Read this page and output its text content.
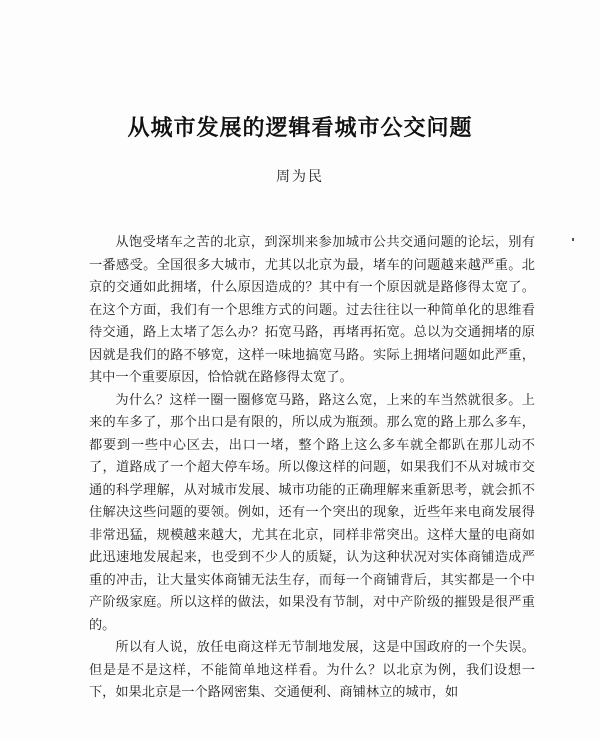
从城市发展的逻辑看城市公交问题
周为民

从饱受堵车之苦的北京，到深圳来参加城市公共交通问题的论坛，别有一番感受。全国很多大城市，尤其以北京为最，堵车的问题越来越严重。北京的交通如此拥堵，什么原因造成的？其中有一个原因就是路修得太宽了。在这个方面，我们有一个思维方式的问题。过去往往以一种简单化的思维看待交通，路上太堵了怎么办？拓宽马路，再堵再拓宽。总以为交通拥堵的原因就是我们的路不够宽，这样一味地搞宽马路。实际上拥堵问题如此严重，其中一个重要原因，恰恰就在路修得太宽了。

为什么？这样一圈一圈修宽马路，路这么宽，上来的车当然就很多。上来的车多了，那个出口是有限的，所以成为瓶颈。那么宽的路上那么多车，都要到一些中心区去，出口一堵，整个路上这么多车就全都趴在那儿动不了，道路成了一个超大停车场。所以像这样的问题，如果我们不从对城市交通的科学理解，从对城市发展、城市功能的正确理解来重新思考，就会抓不住解决这些问题的要领。例如，还有一个突出的现象，近些年来电商发展得非常迅猛，规模越来越大，尤其在北京，同样非常突出。这样大量的电商如此迅速地发展起来，也受到不少人的质疑，认为这种状况对实体商铺造成严重的冲击，让大量实体商铺无法生存，而每一个商铺背后，其实都是一个中产阶级家庭。所以这样的做法，如果没有节制，对中产阶级的摧毁是很严重的。

所以有人说，放任电商这样无节制地发展，这是中国政府的一个失误。但是是不是这样，不能简单地这样看。为什么？以北京为例，我们设想一下，如果北京是一个路网密集、交通便利、商铺林立的城市，如
